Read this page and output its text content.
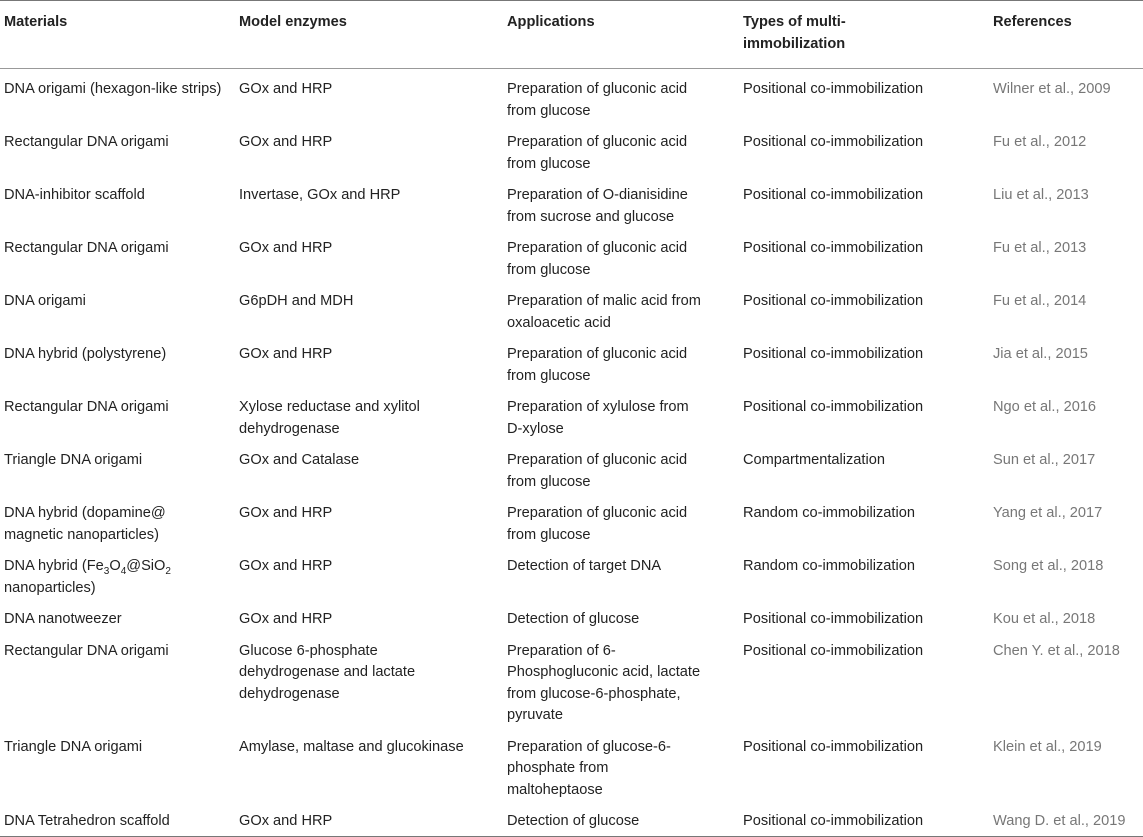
Materials	Model enzymes	Applications	Types of multi-immobilization	References

DNA origami (hexagon-like strips)	GOx and HRP	Preparation of gluconic acid from glucose	Positional co-immobilization	Wilner et al., 2009

Rectangular DNA origami	GOx and HRP	Preparation of gluconic acid from glucose	Positional co-immobilization	Fu et al., 2012

DNA-inhibitor scaffold	Invertase, GOx and HRP	Preparation of O-dianisidine from sucrose and glucose	Positional co-immobilization	Liu et al., 2013

Rectangular DNA origami	GOx and HRP	Preparation of gluconic acid from glucose	Positional co-immobilization	Fu et al., 2013

DNA origami	G6pDH and MDH	Preparation of malic acid from oxaloacetic acid	Positional co-immobilization	Fu et al., 2014

DNA hybrid (polystyrene)	GOx and HRP	Preparation of gluconic acid from glucose	Positional co-immobilization	Jia et al., 2015

Rectangular DNA origami	Xylose reductase and xylitol dehydrogenase	Preparation of xylulose from D-xylose	Positional co-immobilization	Ngo et al., 2016

Triangle DNA origami	GOx and Catalase	Preparation of gluconic acid from glucose	Compartmentalization	Sun et al., 2017

DNA hybrid (dopamine@ magnetic nanoparticles)	GOx and HRP	Preparation of gluconic acid from glucose	Random co-immobilization	Yang et al., 2017

DNA hybrid ($Fe_3O_4@SiO_2$ nanoparticles)	GOx and HRP	Detection of target DNA	Random co-immobilization	Song et al., 2018

DNA nanotweezer	GOx and HRP	Detection of glucose	Positional co-immobilization	Kou et al., 2018

Rectangular DNA origami	Glucose 6-phosphate dehydrogenase and lactate dehydrogenase	Preparation of 6-Phosphogluconic acid, lactate from glucose-6-phosphate, pyruvate	Positional co-immobilization	Chen Y. et al., 2018

Triangle DNA origami	Amylase, maltase and glucokinase	Preparation of glucose-6-phosphate from maltoheptaose	Positional co-immobilization	Klein et al., 2019

DNA Tetrahedron scaffold	GOx and HRP	Detection of glucose	Positional co-immobilization	Wang D. et al., 2019
